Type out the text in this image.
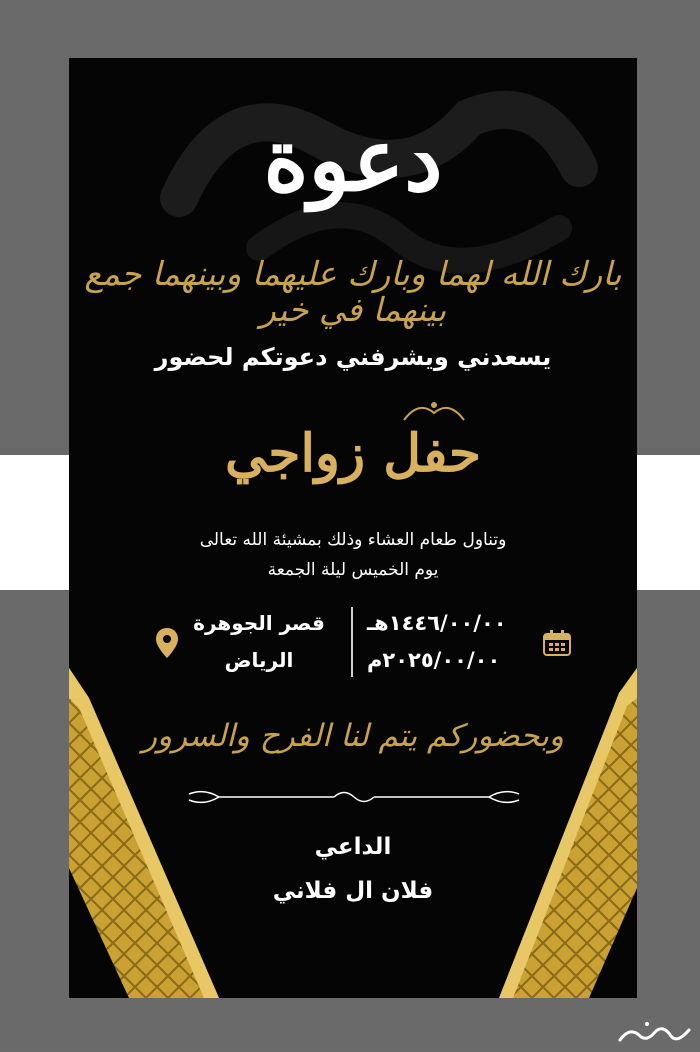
دعوة
بارك الله لهما وبارك عليهما وبينهما جمع بينهما في خير
يسعدني ويشرفني دعوتكم لحضور
حفل زواجي
وتناول طعام العشاء وذلك بمشيئة الله تعالى
يوم الخميس ليلة الجمعة
١٤٤٦/٠٠/٠٠هـ
٢٠٢٥/٠٠/٠٠م
قصر الجوهرة
الرياض
وبحضوركم يتم لنا الفرح والسرور
الداعي
فلان ال فلاني
